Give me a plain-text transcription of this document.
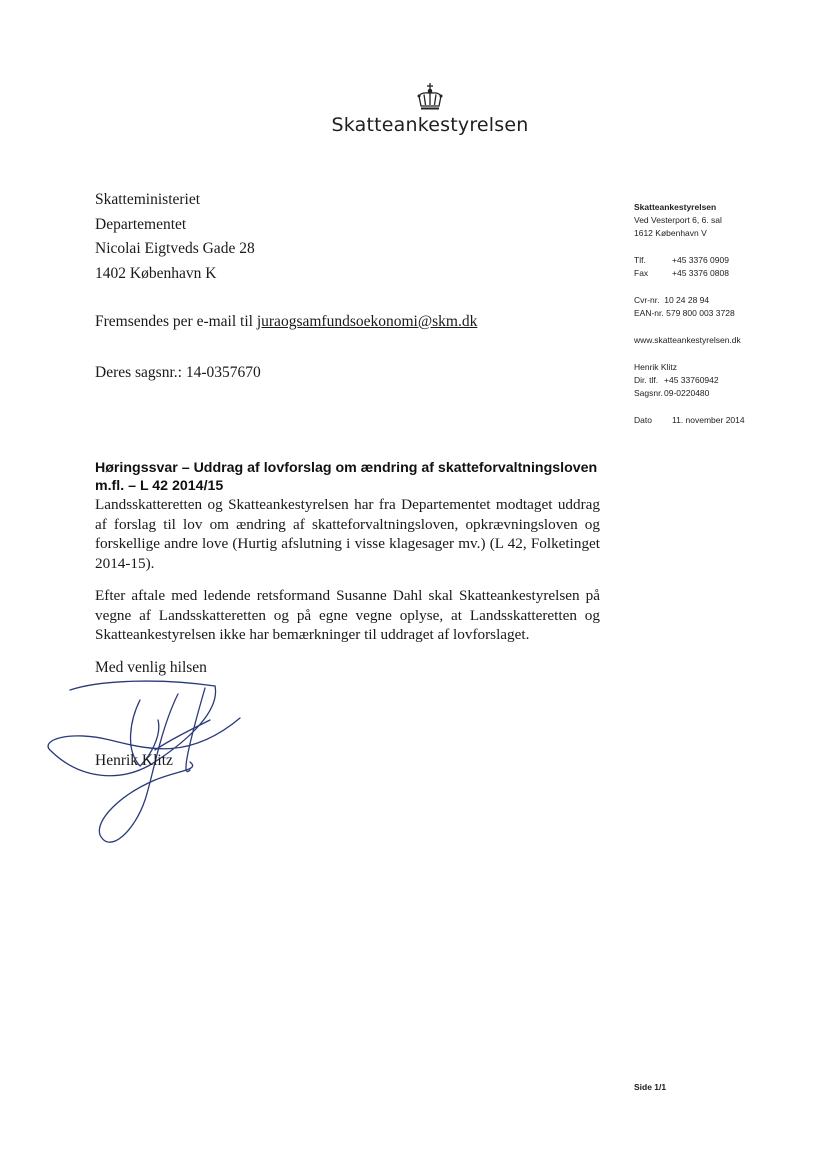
Skatteankestyrelsen
Skatteministeriet
Departementet
Nicolai Eigtveds Gade 28
1402 København K
Fremsendes per e-mail til juraogsamfundsoekonomi@skm.dk
Deres sagsnr.: 14-0357670
Skatteankestyrelsen
Ved Vesterport 6, 6. sal
1612 København V
Tlf.	+45 3376 0909
Fax	+45 3376 0808
Cvr-nr. 10 24 28 94
EAN-nr. 579 800 003 3728
www.skatteankestyrelsen.dk
Henrik Klitz
Dir. tlf. +45 33760942
Sagsnr.09-0220480
Dato 11. november 2014
Høringssvar – Uddrag af lovforslag om ændring af skatteforvaltningsloven
m.fl. – L 42 2014/15
Landsskatteretten og Skatteankestyrelsen har fra Departementet modtaget uddrag af forslag til lov om ændring af skatteforvaltningsloven, opkrævningsloven og forskellige andre love (Hurtig afslutning i visse klagesager mv.) (L 42, Folketinget 2014-15).
Efter aftale med ledende retsformand Susanne Dahl skal Skatteankestyrelsen på vegne af Landsskatteretten og på egne vegne oplyse, at Landsskatteretten og Skatteankestyrelsen ikke har bemærkninger til uddraget af lovforslaget.
Med venlig hilsen
Henrik Klitz
Side 1/1
